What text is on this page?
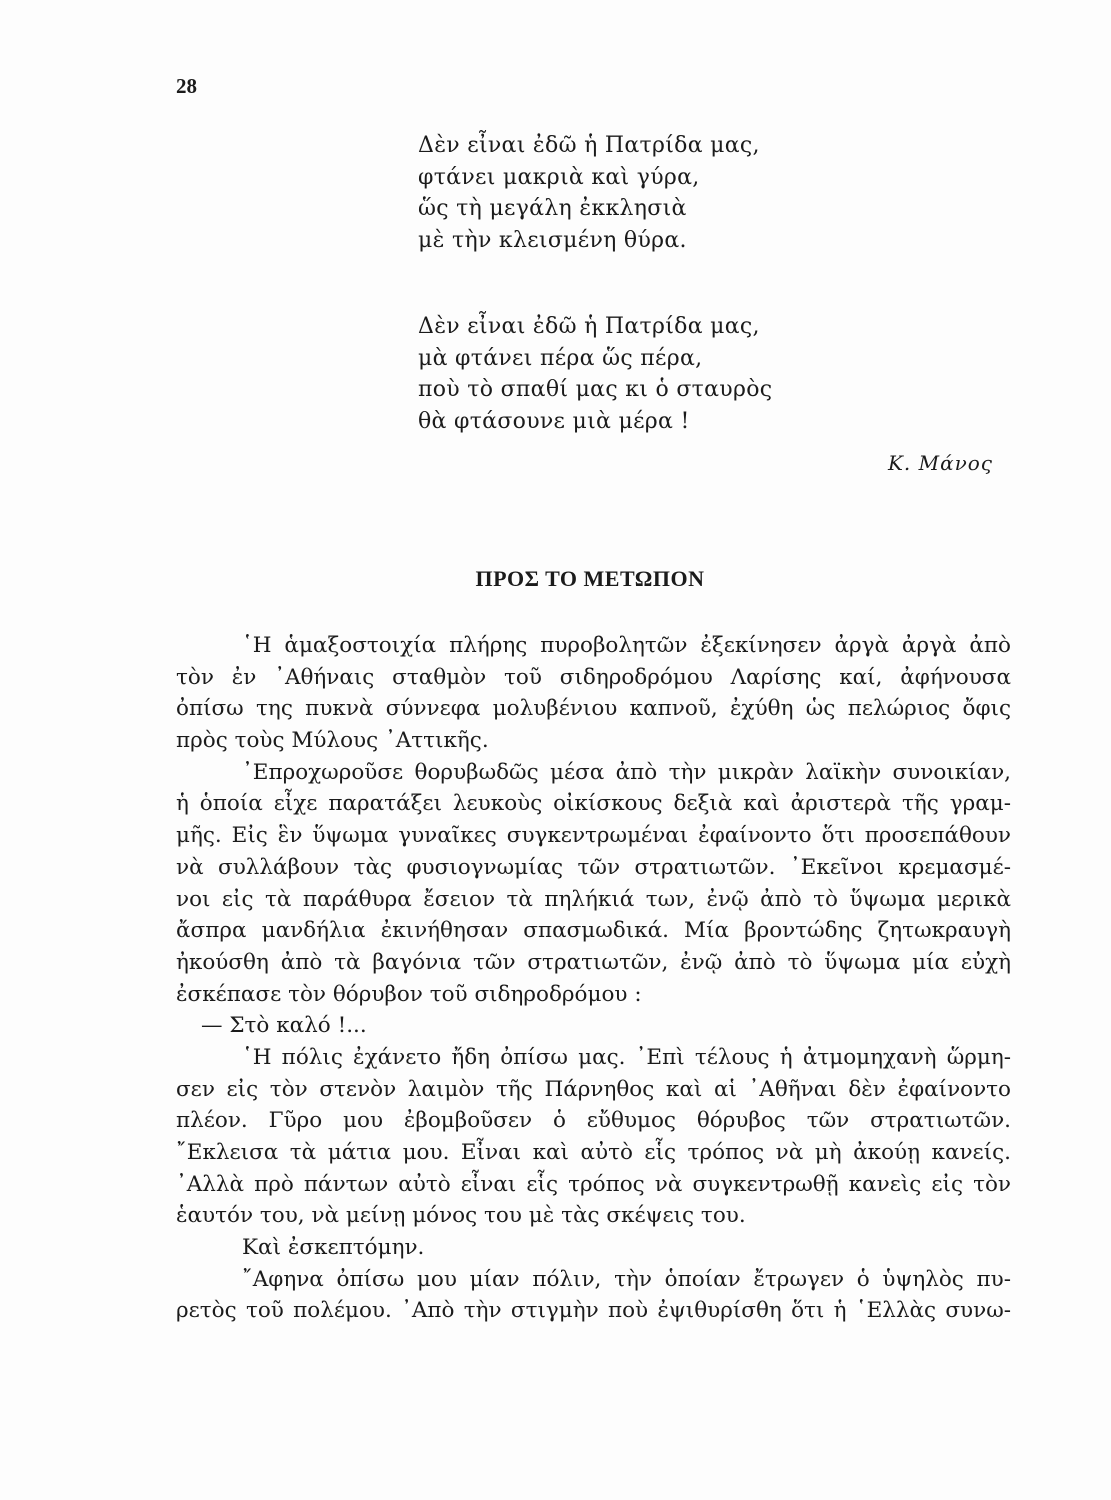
28
Δὲν εἶναι ἐδῶ ἡ Πατρίδα μας,
φτάνει μακριὰ καὶ γύρα,
ὥς τὴ μεγάλη ἐκκλησιὰ
μὲ τὴν κλεισμένη θύρα.
Δὲν εἶναι ἐδῶ ἡ Πατρίδα μας,
μὰ φτάνει πέρα ὥς πέρα,
ποὺ τὸ σπαθί μας κι ὁ σταυρὸς
θὰ φτάσουνε μιὰ μέρα !
Κ. Μάνος
ΠΡΟΣ ΤΟ ΜΕΤΩΠΟΝ
῾Η ἁμαξοστοιχία πλήρης πυροβολητῶν ἐξεκίνησεν ἀργὰ ἀργὰ ἀπὸ
τὸν ἐν ᾿Αθήναις σταθμὸν τοῦ σιδηροδρόμου Λαρίσης καί, ἀφήνουσα
ὀπίσω της πυκνὰ σύννεφα μολυβένιου καπνοῦ, ἐχύθη ὡς πελώριος ὄφις
πρὸς τοὺς Μύλους ᾿Αττικῆς.
᾿Επροχωροῦσε θορυβωδῶς μέσα ἀπὸ τὴν μικρὰν λαϊκὴν συνοικίαν,
ἡ ὁποία εἶχε παρατάξει λευκοὺς οἰκίσκους δεξιὰ καὶ ἀριστερὰ τῆς γραμ-
μῆς. Εἰς ἓν ὕψωμα γυναῖκες συγκεντρωμέναι ἐφαίνοντο ὅτι προσεπάθουν
νὰ συλλάβουν τὰς φυσιογνωμίας τῶν στρατιωτῶν. ᾿Εκεῖνοι κρεμασμέ-
νοι εἰς τὰ παράθυρα ἔσειον τὰ πηλήκιά των, ἐνῷ ἀπὸ τὸ ὕψωμα μερικὰ
ἄσπρα μανδήλια ἐκινήθησαν σπασμωδικά. Μία βροντώδης ζητωκραυγὴ
ἠκούσθη ἀπὸ τὰ βαγόνια τῶν στρατιωτῶν, ἐνῷ ἀπὸ τὸ ὕψωμα μία εὐχὴ
ἐσκέπασε τὸν θόρυβον τοῦ σιδηροδρόμου :
— Στὸ καλό !...
῾Η πόλις ἐχάνετο ἤδη ὀπίσω μας. ᾿Επὶ τέλους ἡ ἀτμομηχανὴ ὥρμη-
σεν εἰς τὸν στενὸν λαιμὸν τῆς Πάρνηθος καὶ αἱ ᾿Αθῆναι δὲν ἐφαίνοντο
πλέον. Γῦρο μου ἐβομβοῦσεν ὁ εὔθυμος θόρυβος τῶν στρατιωτῶν.
῎Εκλεισα τὰ μάτια μου. Εἶναι καὶ αὐτὸ εἷς τρόπος νὰ μὴ ἀκούῃ κανείς.
᾿Αλλὰ πρὸ πάντων αὐτὸ εἶναι εἷς τρόπος νὰ συγκεντρωθῇ κανεὶς εἰς τὸν
ἑαυτόν του, νὰ μείνῃ μόνος του μὲ τὰς σκέψεις του.
Καὶ ἐσκεπτόμην.
῎Αφηνα ὀπίσω μου μίαν πόλιν, τὴν ὁποίαν ἔτρωγεν ὁ ὑψηλὸς πυ-
ρετὸς τοῦ πολέμου. ᾿Απὸ τὴν στιγμὴν ποὺ ἐψιθυρίσθη ὅτι ἡ ῾Ελλὰς συνω-
